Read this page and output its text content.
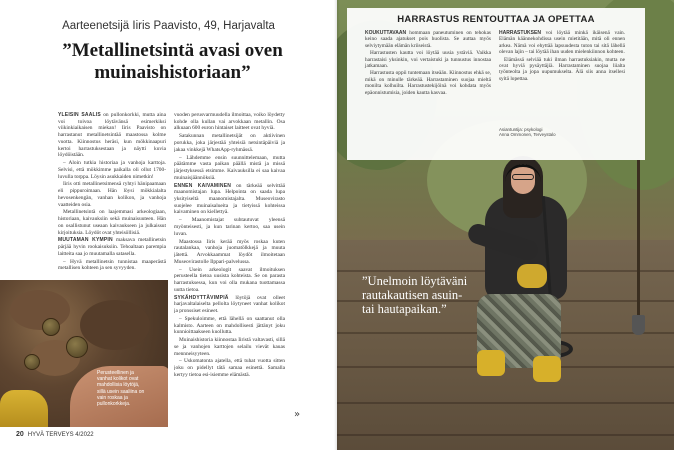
Aarteenetsijä Iiris Paavisto, 49, Harjavalta
”Metallinetsintä avasi oven muinaishistoriaan”

YLEISIN SAALIS on pullonkorkki, mutta aina voi toivoa löytävänsä esimerkiksi viikinkiaikaisen miekan! Iiris Paavisto on harrastanut metallinetsintää maastossa kolme vuotta. Kiinnostus heräsi, kun mökkinaapuri kertoi harrastuksestaan ja näytti kuvia löydöistään.

– Aloin tutkia historiaa ja vanhoja karttoja. Selvisi, että mökkimme paikalla oli ollut 1700-luvulla torppa. Löysin asukkaiden nimetkin!

Iiris otti metallinetsimensä ryhtyi hänipaamaan eli pippuroimaan. Hän löysi mökkialalta hevosenkengän, vanhan kolikon, ja vanhoja vaatteiden osia.

Metallinetsintä on laajemmasi arkeologiaan, historiaan, kaivauksiin sekä muinaisuuteen. Hän on osallistunut useaan kaivaukseen ja julkaissut kirjoituksia. Löydöt ovat yhteisöllisiä.

MUUTAMAN KYMPIN maksava metallinetsin pärjää hyvin rookaisuksiin. Tehoaltaan parempia laitteita saa jo muutamalla satasella.

– Hyvä metallinetsin tunnistaa maaperästä metallisen kohteen ja sen syvyyden.

vuoden perusvarmuudella ilmoittaa, voiko löydetty kohde olla kullan vai arvokkaan metallin. Osa alkuaan 600 euron hintaiset laitteet ovat hyviä.

Satakunnan metallinetsijät on aktiivinen porukka, joka järjestää yhteisiä netsintäpäiviä ja jakaa vinkkejä WhatsApp-ryhmässä.

– Lähdemme ensin suunnittelemaan, mutta päätämme vasta paikan päällä mistä ja missä järjestyksessä etsimme. Kaivauksilla ei saa kaivaa muinaisjäännöksiä.

ENNEN KAIVAMINEN on tärkeää selvittää maanomistajan lupa. Helpointa on saada lupa yksityiseltä maanomistajalta. Museovirasto suojelee muinaisalueita ja tietyissä kohteissa kaivaminen on kiellettyä.

– Maanomistajat suhtautuvat yleensä myönteisesti, ja kun tarinan kertoo, saa usein luvan.

Maastossa Iiris kerää myös roskaa kuten rautalankaa, vanhoja juomatölkkejä ja muuta jätettä. Arvokkaammat löydöt ilmoitetaan Museovirastolle Ilppari-palvelussa.

– Usein arkeologit saavat ilmoituksen perusteella tietoa uusista kohteista. Se on parasta harrastuksessa, kun voi olla mukana tuottamassa uutta tietoa.

SYKÄHDYTTÄVIMPIÄ löytöjä ovat olleet harjavaltalaiselta pellolta löytyneet vanhat kolikot ja pronssiset esineet.

– Spekuloimme, että lähellä on saattanut olla kalmisto. Aarteen on mahdollisesti jättänyt joku kunnioittaakseen kuollutta.

Muinaishistoria kiinnostaa Iiristä valtavasti, sillä se ja vanhojen karttojen selailu vievät kauas mennneisyyteen.

– Uskomatonta ajatella, että tuhat vuotta sitten joku on pidellyt tätä samaa esinettä. Samalla kertyy tietoa esi-isiemme elämästä.

Perusteellinen ja vanhat kolikot ovat mahdollisia löytöjä, sillä usein saaliina on vain roskaa ja pullonkorkkeja.
»
20 HYVÄ TERVEYS 4/2022
HARRASTUS RENTOUTTAA JA OPETTAA

KOUKUTTAVAAN hommaan paneutuminen on tehokas keino saada ajatukset pois huolista. Se auttaa myös selviytymään elämän kriiseistä.

Harrastusten kautta voi löytää uusia ystäviä. Vaikka harrastaisi yksinkin, voi vertaistuki ja tunnustus innostaa jatkamaan.

Harrastusta oppii tuntemaan itseään. Kiinnostus ehkä se, mikä on minulle tärkeää. Harrastaminen suojaa mieltä monilta kolhuilta. Harrastustekijöinä voi kohdata myös epäonnistumisia, joiden kautta kasvaa.

HARRASTUKSEN voi löytää minkä ikäisenä vain. Elämän käännekohdissa usein mietitään, mitä oli ennen arkea. Nämä voi ehyttää lapsuudesta tuton tai sitä lähellä olevan lajin – tai löytää ihan uuden mielenkiinnon kohteen.

Elämässä selviää tuki ilman harrastuksiakin, mutta ne ovat hyviä pysäyttäjiä. Harrastaminen suojaa liialta työnteolta ja jopa uupumukselta. Älä siis anna itsellesi syitä lopettaa.

Asiantuntija: psykologi
Anna Ommonen, Terveystalo
”Unelmoin löytäväni rautakautisen asuin- tai hautapaikan.”
